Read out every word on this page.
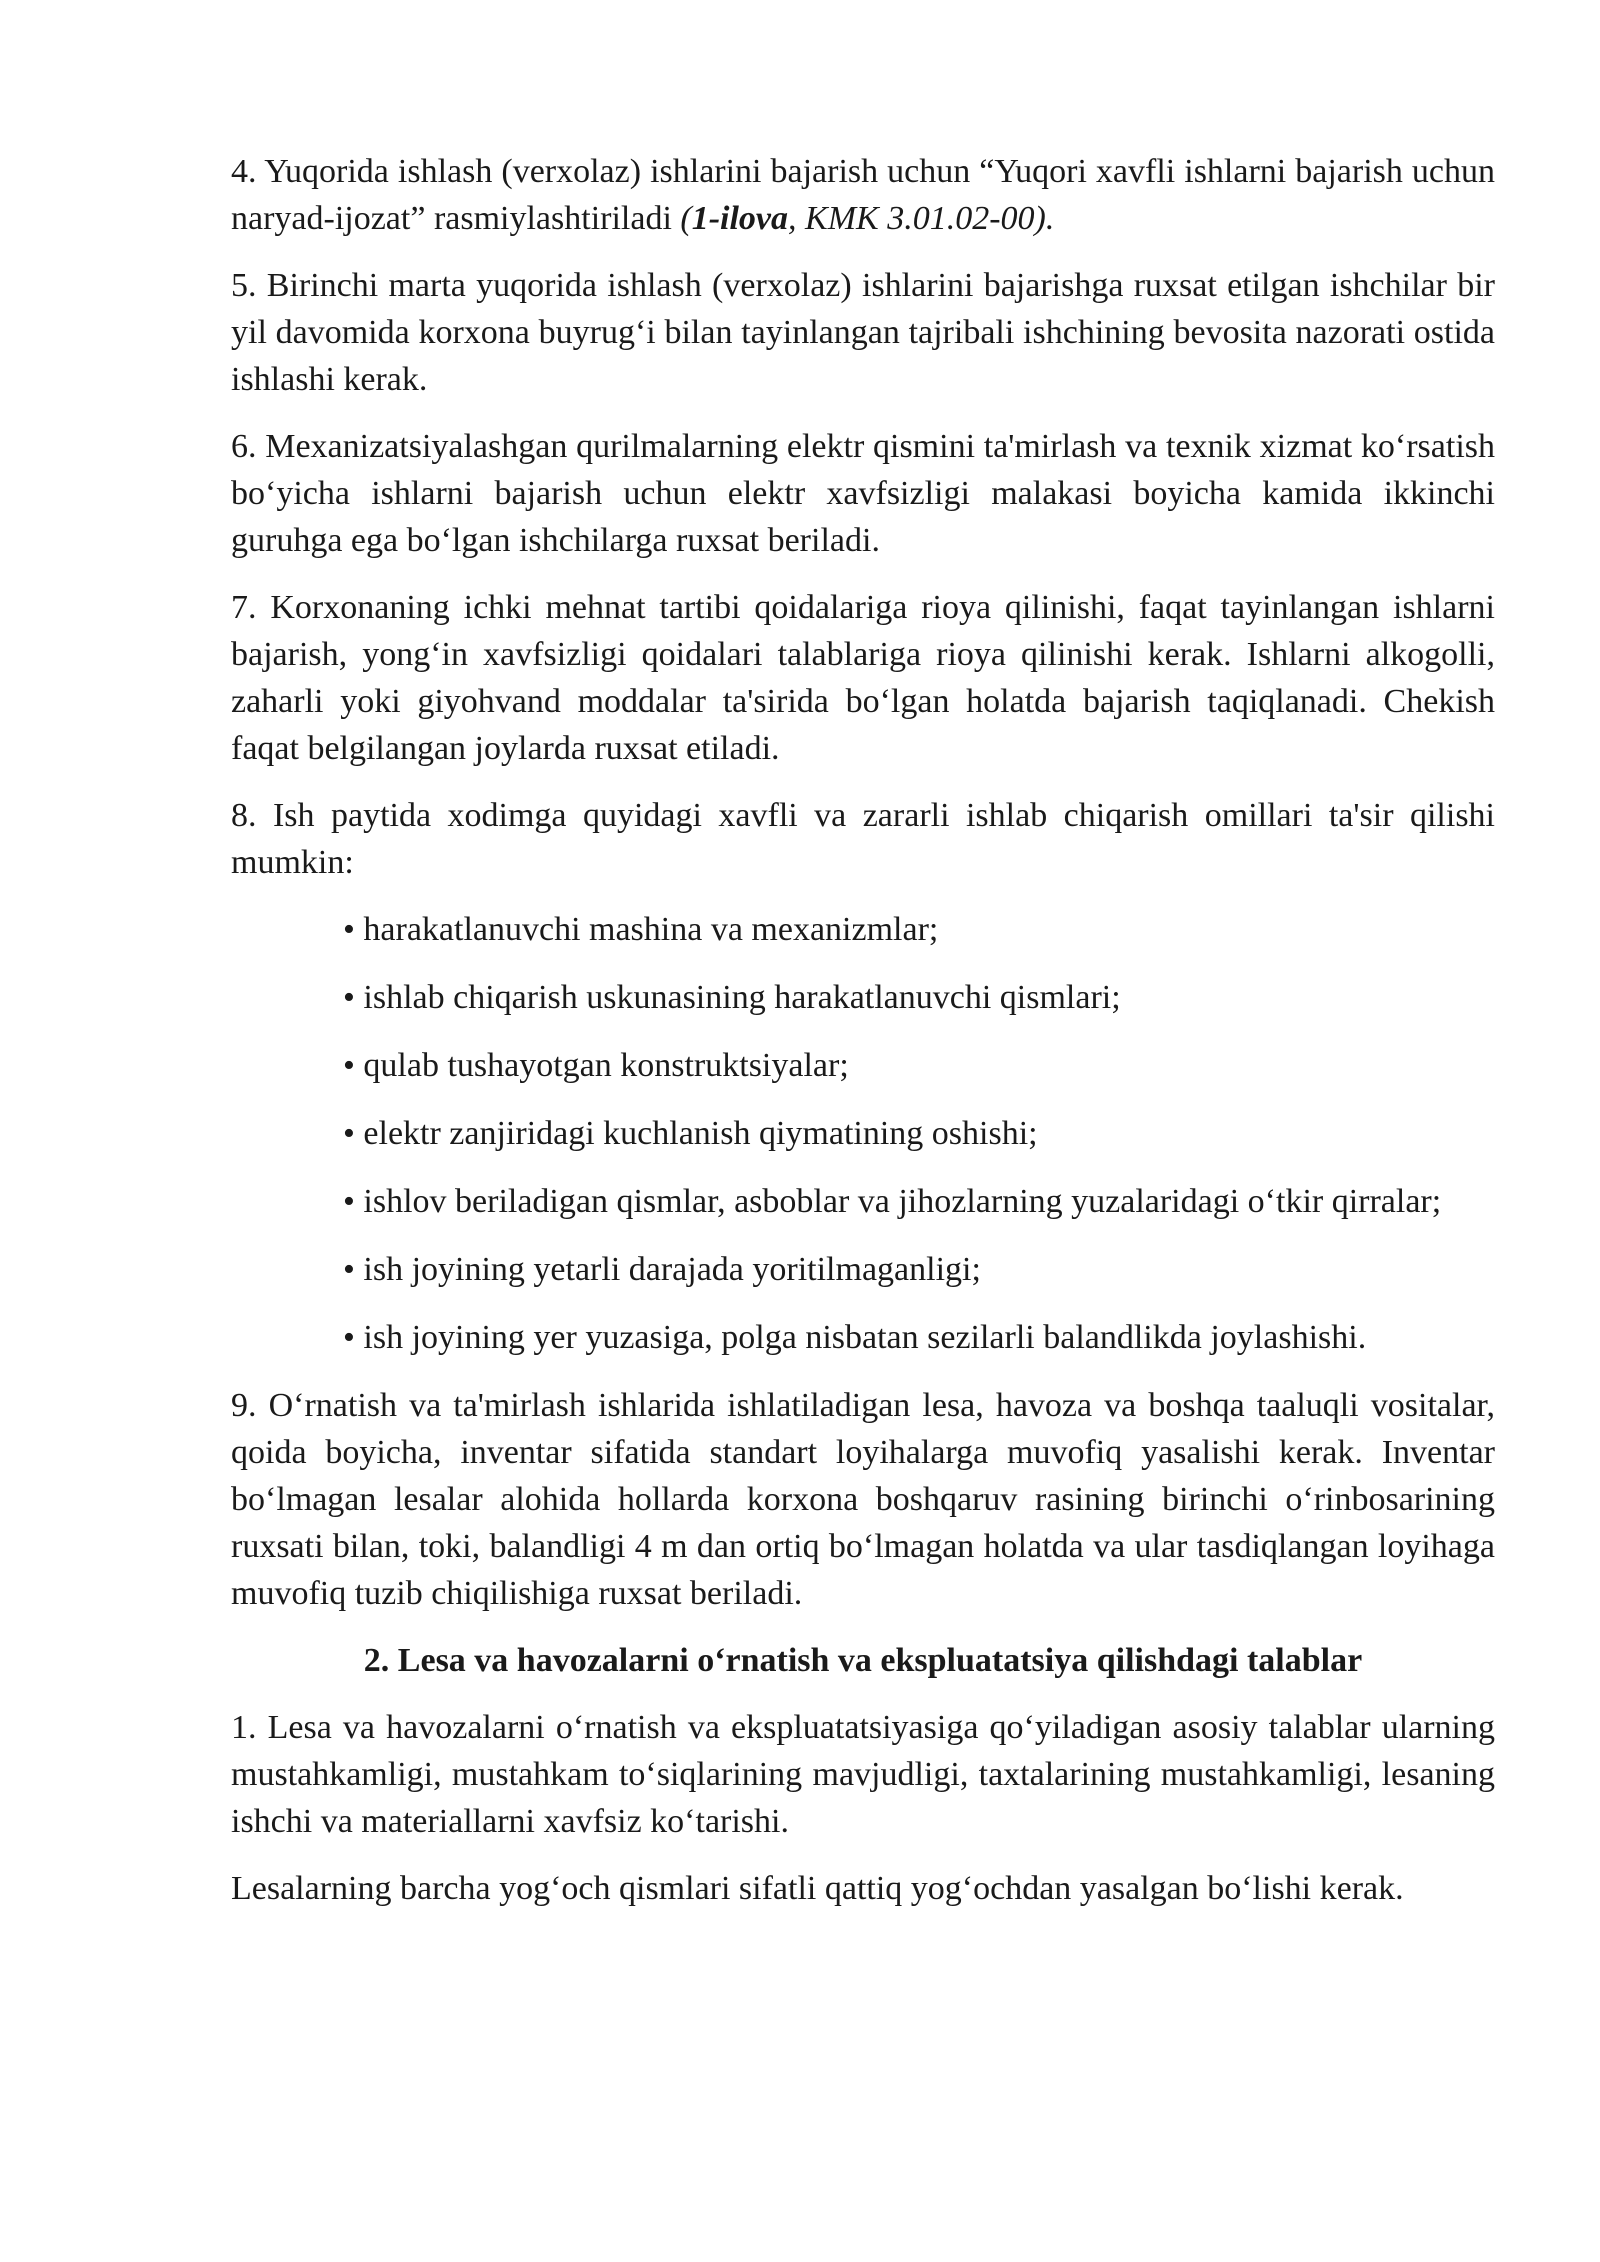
4. Yuqorida ishlash (verxolaz) ishlarini bajarish uchun “Yuqori xavfli ishlarni bajarish uchun naryad-ijozat” rasmiylashtiriladi (1-ilova, KMK 3.01.02-00).

5. Birinchi marta yuqorida ishlash (verxolaz) ishlarini bajarishga ruxsat etilgan ishchilar bir yil davomida korxona buyrug‘i bilan tayinlangan tajribali ishchining bevosita nazorati ostida ishlashi kerak.

6. Mexanizatsiyalashgan qurilmalarning elektr qismini ta'mirlash va texnik xizmat ko‘rsatish bo‘yicha ishlarni bajarish uchun elektr xavfsizligi malakasi boyicha kamida ikkinchi guruhga ega bo‘lgan ishchilarga ruxsat beriladi.

7. Korxonaning ichki mehnat tartibi qoidalariga rioya qilinishi, faqat tayinlangan ishlarni bajarish, yong‘in xavfsizligi qoidalari talablariga rioya qilinishi kerak. Ishlarni alkogolli, zaharli yoki giyohvand moddalar ta'sirida bo‘lgan holatda bajarish taqiqlanadi. Chekish faqat belgilangan joylarda ruxsat etiladi.

8. Ish paytida xodimga quyidagi xavfli va zararli ishlab chiqarish omillari ta'sir qilishi mumkin:

• harakatlanuvchi mashina va mexanizmlar;

• ishlab chiqarish uskunasining harakatlanuvchi qismlari;

• qulab tushayotgan konstruktsiyalar;

• elektr zanjiridagi kuchlanish qiymatining oshishi;

• ishlov beriladigan qismlar, asboblar va jihozlarning yuzalaridagi o‘tkir qirralar;

• ish joyining yetarli darajada yoritilmaganligi;

• ish joyining yer yuzasiga, polga nisbatan sezilarli balandlikda joylashishi.

9. O‘rnatish va ta'mirlash ishlarida ishlatiladigan lesa, havoza va boshqa taaluqli vositalar, qoida boyicha, inventar sifatida standart loyihalarga muvofiq yasalishi kerak. Inventar bo‘lmagan lesalar alohida hollarda korxona boshqaruv rasining birinchi o‘rinbosarining ruxsati bilan, toki, balandligi 4 m dan ortiq bo‘lmagan holatda va ular tasdiqlangan loyihaga muvofiq tuzib chiqilishiga ruxsat beriladi.

2. Lesa va havozalarni o‘rnatish va ekspluatatsiya qilishdagi talablar

1. Lesa va havozalarni o‘rnatish va ekspluatatsiyasiga qo‘yiladigan asosiy talablar ularning mustahkamligi, mustahkam to‘siqlarining mavjudligi, taxtalarining mustahkamligi, lesaning ishchi va materiallarni xavfsiz ko‘tarishi.

Lesalarning barcha yog‘och qismlari sifatli qattiq yog‘ochdan yasalgan bo‘lishi kerak.
